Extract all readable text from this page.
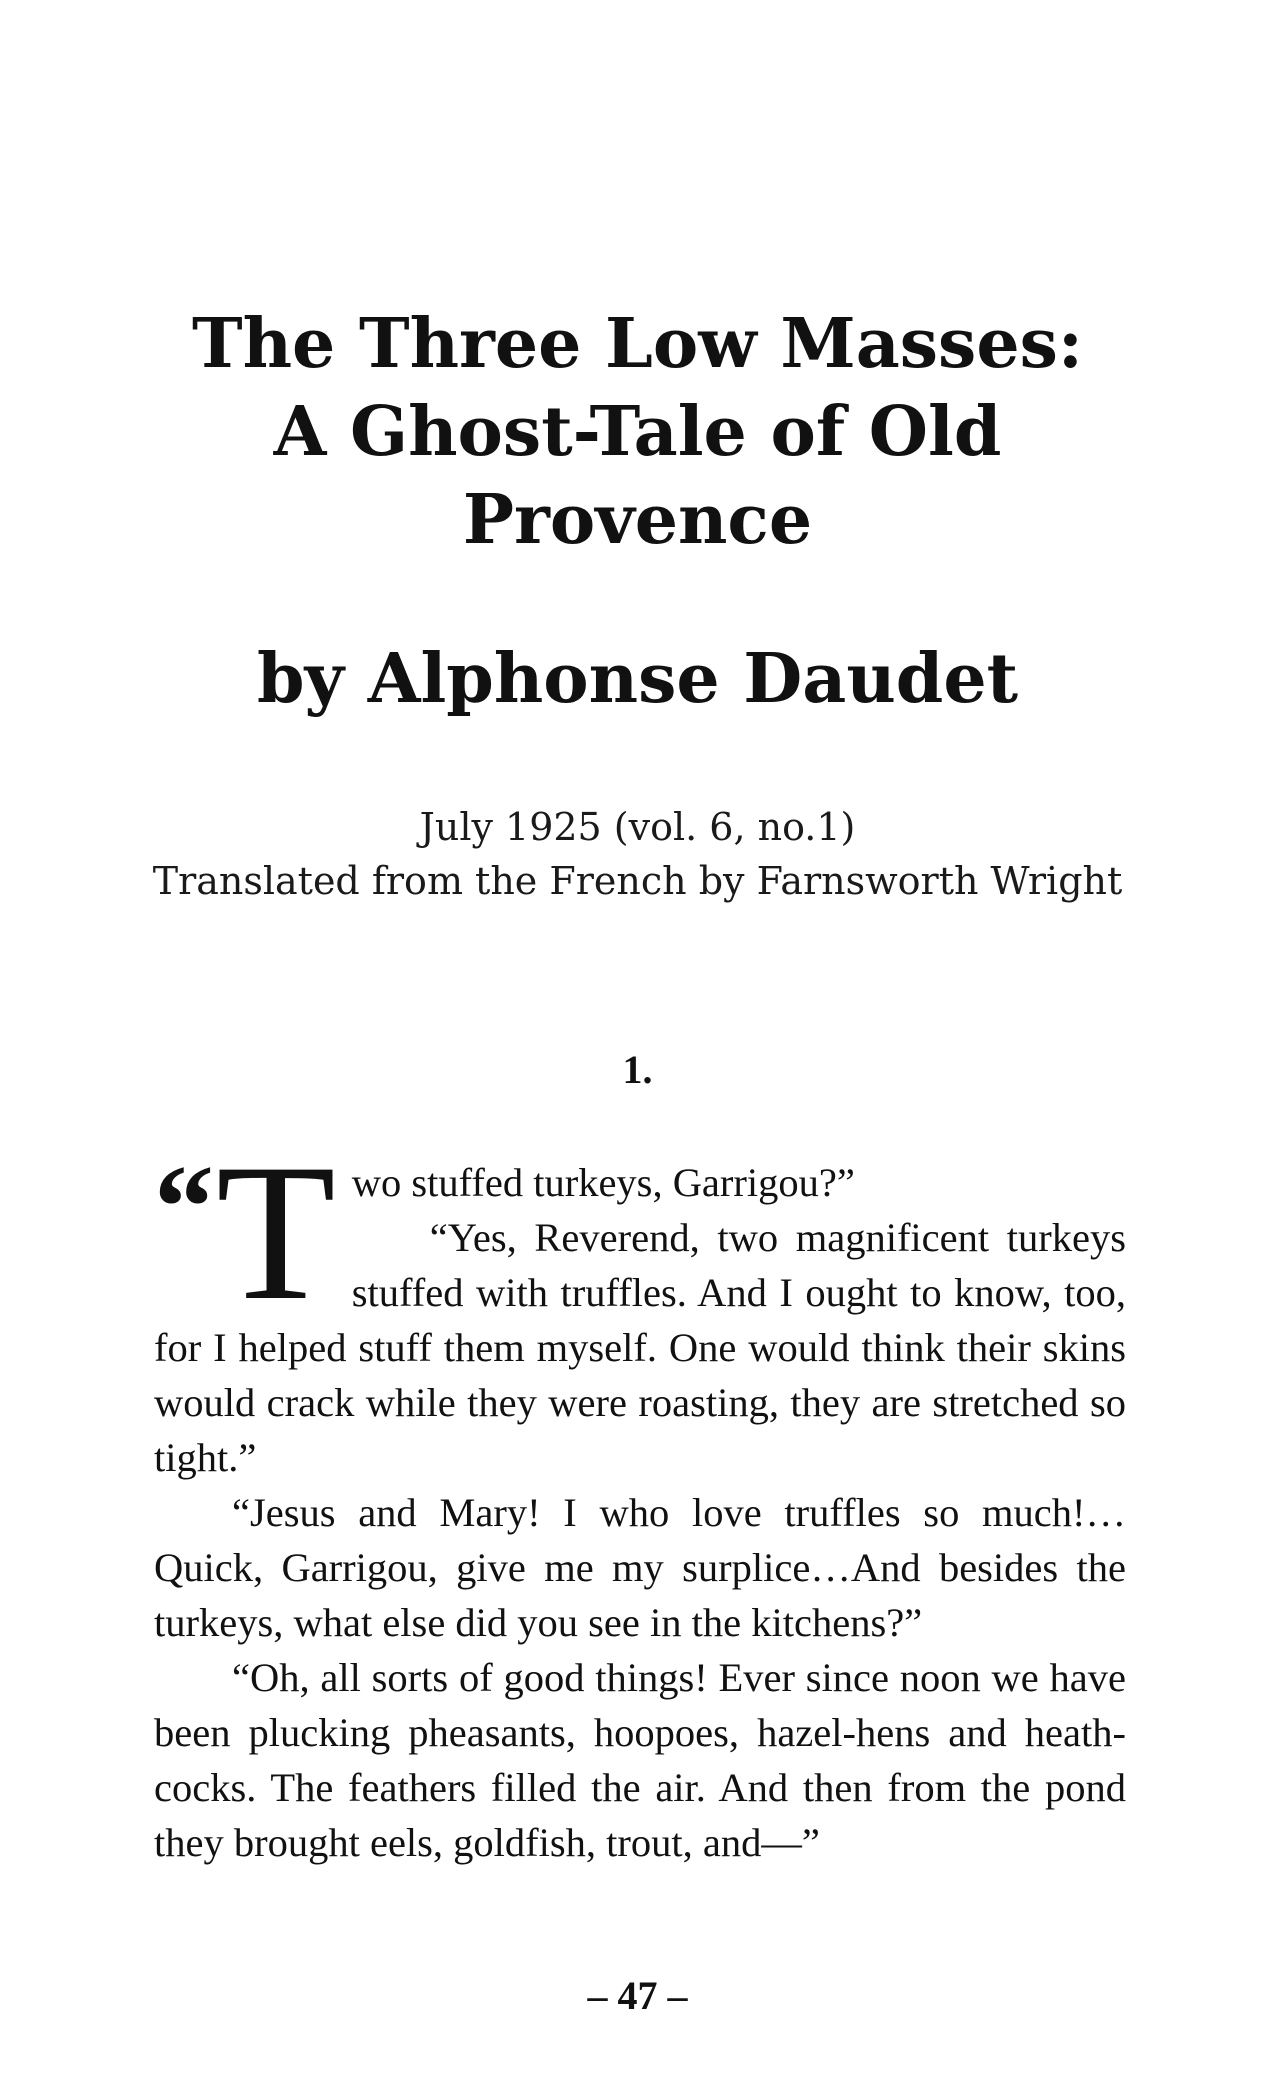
The Three Low Masses:
A Ghost-Tale of Old
Provence
by Alphonse Daudet
July 1925 (vol. 6, no.1)
Translated from the French by Farnsworth Wright
1.

“ T wo stuffed turkeys, Garrigou?”
“Yes, Reverend, two magnificent turkeys stuffed with truffles. And I ought to know, too, for I helped stuff them myself. One would think their skins would crack while they were roasting, they are stretched so tight.”

“Jesus and Mary! I who love truffles so much!… Quick, Garrigou, give me my surplice…And besides the turkeys, what else did you see in the kitchens?”

“Oh, all sorts of good things! Ever since noon we have been plucking pheasants, hoopoes, hazel-hens and heath-cocks. The feathers filled the air. And then from the pond they brought eels, goldfish, trout, and—”

– 47 –
